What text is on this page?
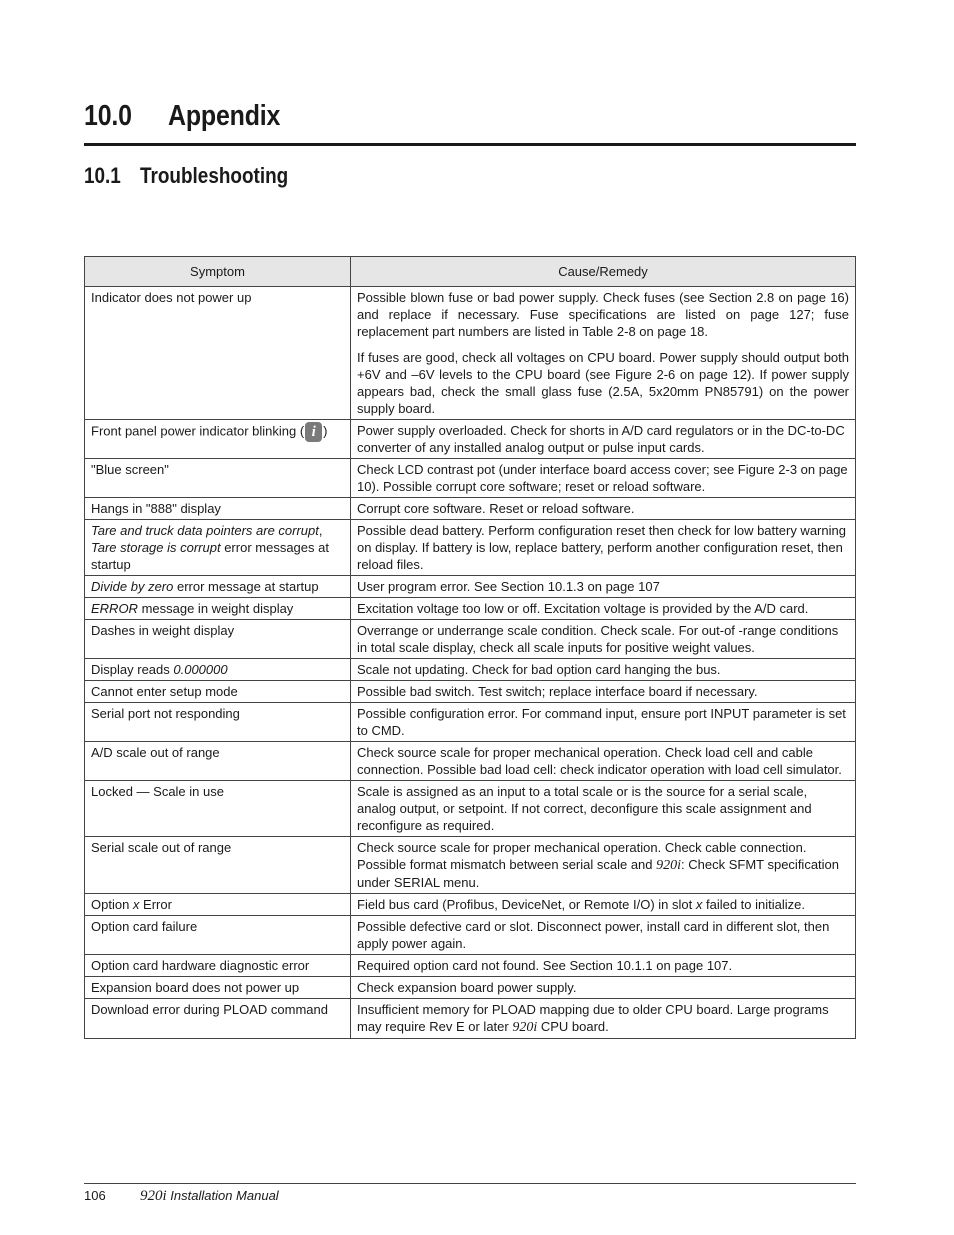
10.0 Appendix
10.1 Troubleshooting
Symptom	Cause/Remedy
Indicator does not power up	Possible blown fuse or bad power supply. Check fuses (see Section 2.8 on page 16) and replace if necessary. Fuse specifications are listed on page 127; fuse replacement part numbers are listed in Table 2-8 on page 18.

If fuses are good, check all voltages on CPU board. Power supply should output both +6V and –6V levels to the CPU board (see Figure 2-6 on page 12). If power supply appears bad, check the small glass fuse (2.5A, 5x20mm PN85791) on the power supply board.

Front panel power indicator blinking ( i )	Power supply overloaded. Check for shorts in A/D card regulators or in the DC-to-DC converter of any installed analog output or pulse input cards.

"Blue screen"	Check LCD contrast pot (under interface board access cover; see Figure 2-3 on page 10). Possible corrupt core software; reset or reload software.

Hangs in "888" display	Corrupt core software. Reset or reload software.

Tare and truck data pointers are corrupt, Tare storage is corrupt error messages at startup	Possible dead battery. Perform configuration reset then check for low battery warning on display. If battery is low, replace battery, perform another configuration reset, then reload files.

Divide by zero error message at startup	User program error. See Section 10.1.3 on page 107

ERROR message in weight display	Excitation voltage too low or off. Excitation voltage is provided by the A/D card.

Dashes in weight display	Overrange or underrange scale condition. Check scale. For out-of -range conditions in total scale display, check all scale inputs for positive weight values.

Display reads 0.000000	Scale not updating. Check for bad option card hanging the bus.

Cannot enter setup mode	Possible bad switch. Test switch; replace interface board if necessary.

Serial port not responding	Possible configuration error. For command input, ensure port INPUT parameter is set to CMD.

A/D scale out of range	Check source scale for proper mechanical operation. Check load cell and cable connection. Possible bad load cell: check indicator operation with load cell simulator.

Locked — Scale in use	Scale is assigned as an input to a total scale or is the source for a serial scale, analog output, or setpoint. If not correct, deconfigure this scale assignment and reconfigure as required.

Serial scale out of range	Check source scale for proper mechanical operation. Check cable connection. Possible format mismatch between serial scale and 920i: Check SFMT specification under SERIAL menu.

Option x Error	Field bus card (Profibus, DeviceNet, or Remote I/O) in slot x failed to initialize.

Option card failure	Possible defective card or slot. Disconnect power, install card in different slot, then apply power again.

Option card hardware diagnostic error	Required option card not found. See Section 10.1.1 on page 107.

Expansion board does not power up	Check expansion board power supply.

Download error during PLOAD command	Insufficient memory for PLOAD mapping due to older CPU board. Large programs may require Rev E or later 920i CPU board.

106 920i Installation Manual
